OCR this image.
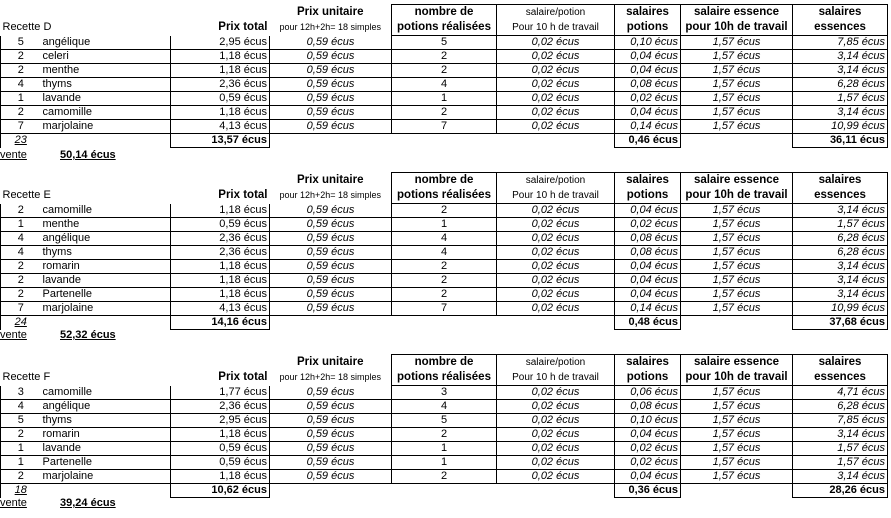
			Prix unitaire	nombre de	salaire/potion	salaires	salaire essence	salaires
Recette D		Prix total	pour 12h+2h= 18 simples	potions réalisées	Pour 10 h de travail	potions	pour 10h de travail	essences
5	angélique	2,95 écus	0,59 écus	5	0,02 écus	0,10 écus	1,57 écus	7,85 écus
2	celeri	1,18 écus	0,59 écus	2	0,02 écus	0,04 écus	1,57 écus	3,14 écus
2	menthe	1,18 écus	0,59 écus	2	0,02 écus	0,04 écus	1,57 écus	3,14 écus
4	thyms	2,36 écus	0,59 écus	4	0,02 écus	0,08 écus	1,57 écus	6,28 écus
1	lavande	0,59 écus	0,59 écus	1	0,02 écus	0,02 écus	1,57 écus	1,57 écus
2	camomille	1,18 écus	0,59 écus	2	0,02 écus	0,04 écus	1,57 écus	3,14 écus
7	marjolaine	4,13 écus	0,59 écus	7	0,02 écus	0,14 écus	1,57 écus	10,99 écus
23		13,57 écus				0,46 écus		36,11 écus
vente	50,14 écus
			Prix unitaire	nombre de	salaire/potion	salaires	salaire essence	salaires
Recette E		Prix total	pour 12h+2h= 18 simples	potions réalisées	Pour 10 h de travail	potions	pour 10h de travail	essences
2	camomille	1,18 écus	0,59 écus	2	0,02 écus	0,04 écus	1,57 écus	3,14 écus
1	menthe	0,59 écus	0,59 écus	1	0,02 écus	0,02 écus	1,57 écus	1,57 écus
4	angélique	2,36 écus	0,59 écus	4	0,02 écus	0,08 écus	1,57 écus	6,28 écus
4	thyms	2,36 écus	0,59 écus	4	0,02 écus	0,08 écus	1,57 écus	6,28 écus
2	romarin	1,18 écus	0,59 écus	2	0,02 écus	0,04 écus	1,57 écus	3,14 écus
2	lavande	1,18 écus	0,59 écus	2	0,02 écus	0,04 écus	1,57 écus	3,14 écus
2	Partenelle	1,18 écus	0,59 écus	2	0,02 écus	0,04 écus	1,57 écus	3,14 écus
7	marjolaine	4,13 écus	0,59 écus	7	0,02 écus	0,14 écus	1,57 écus	10,99 écus
24		14,16 écus				0,48 écus		37,68 écus
vente	52,32 écus
			Prix unitaire	nombre de	salaire/potion	salaires	salaire essence	salaires
Recette F		Prix total	pour 12h+2h= 18 simples	potions réalisées	Pour 10 h de travail	potions	pour 10h de travail	essences
3	camomille	1,77 écus	0,59 écus	3	0,02 écus	0,06 écus	1,57 écus	4,71 écus
4	angélique	2,36 écus	0,59 écus	4	0,02 écus	0,08 écus	1,57 écus	6,28 écus
5	thyms	2,95 écus	0,59 écus	5	0,02 écus	0,10 écus	1,57 écus	7,85 écus
2	romarin	1,18 écus	0,59 écus	2	0,02 écus	0,04 écus	1,57 écus	3,14 écus
1	lavande	0,59 écus	0,59 écus	1	0,02 écus	0,02 écus	1,57 écus	1,57 écus
1	Partenelle	0,59 écus	0,59 écus	1	0,02 écus	0,02 écus	1,57 écus	1,57 écus
2	marjolaine	1,18 écus	0,59 écus	2	0,02 écus	0,04 écus	1,57 écus	3,14 écus
18		10,62 écus				0,36 écus		28,26 écus
vente	39,24 écus
